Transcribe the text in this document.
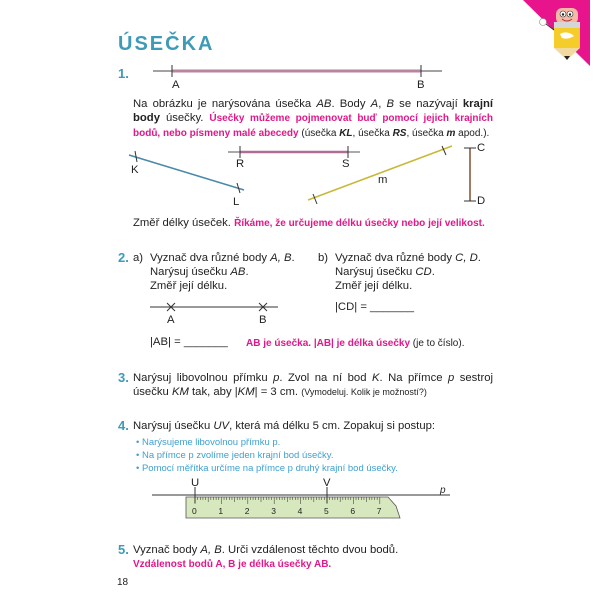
ÚSEČKA
1.
A	B
Na obrázku je narýsována úsečka AB. Body A, B se nazývají krajní body úsečky. Úsečky můžeme pojmenovat buď pomocí jejich krajních bodů, nebo písmeny malé abecedy (úsečka KL, úsečka RS, úsečka m apod.).
K
L
R	S
m
C
D
Změř délky úseček. Říkáme, že určujeme délku úsečky nebo její velikost.
2. a) Vyznač dva různé body A, B.
Narýsuj úsečku AB.
Změř její délku.
b) Vyznač dva různé body C, D.
Narýsuj úsečku CD.
Změř její délku.
|CD| = _______
A	B
|AB| = _______ AB je úsečka. |AB| je délka úsečky (je to číslo).
3. Narýsuj libovolnou přímku p. Zvol na ní bod K. Na přímce p sestroj úsečku KM tak, aby |KM| = 3 cm. (Vymodeluj. Kolik je možností?)
4. Narýsuj úsečku UV, která má délku 5 cm. Zopakuj si postup:
• Narýsujeme libovolnou přímku p.
• Na přímce p zvolíme jeden krajní bod úsečky.
• Pomocí měřítka určíme na přímce p druhý krajní bod úsečky.
U	V
p
0	1	2	3	4	5	6	7
5. Vyznač body A, B. Urči vzdálenost těchto dvou bodů.
Vzdálenost bodů A, B je délka úsečky AB.
18
